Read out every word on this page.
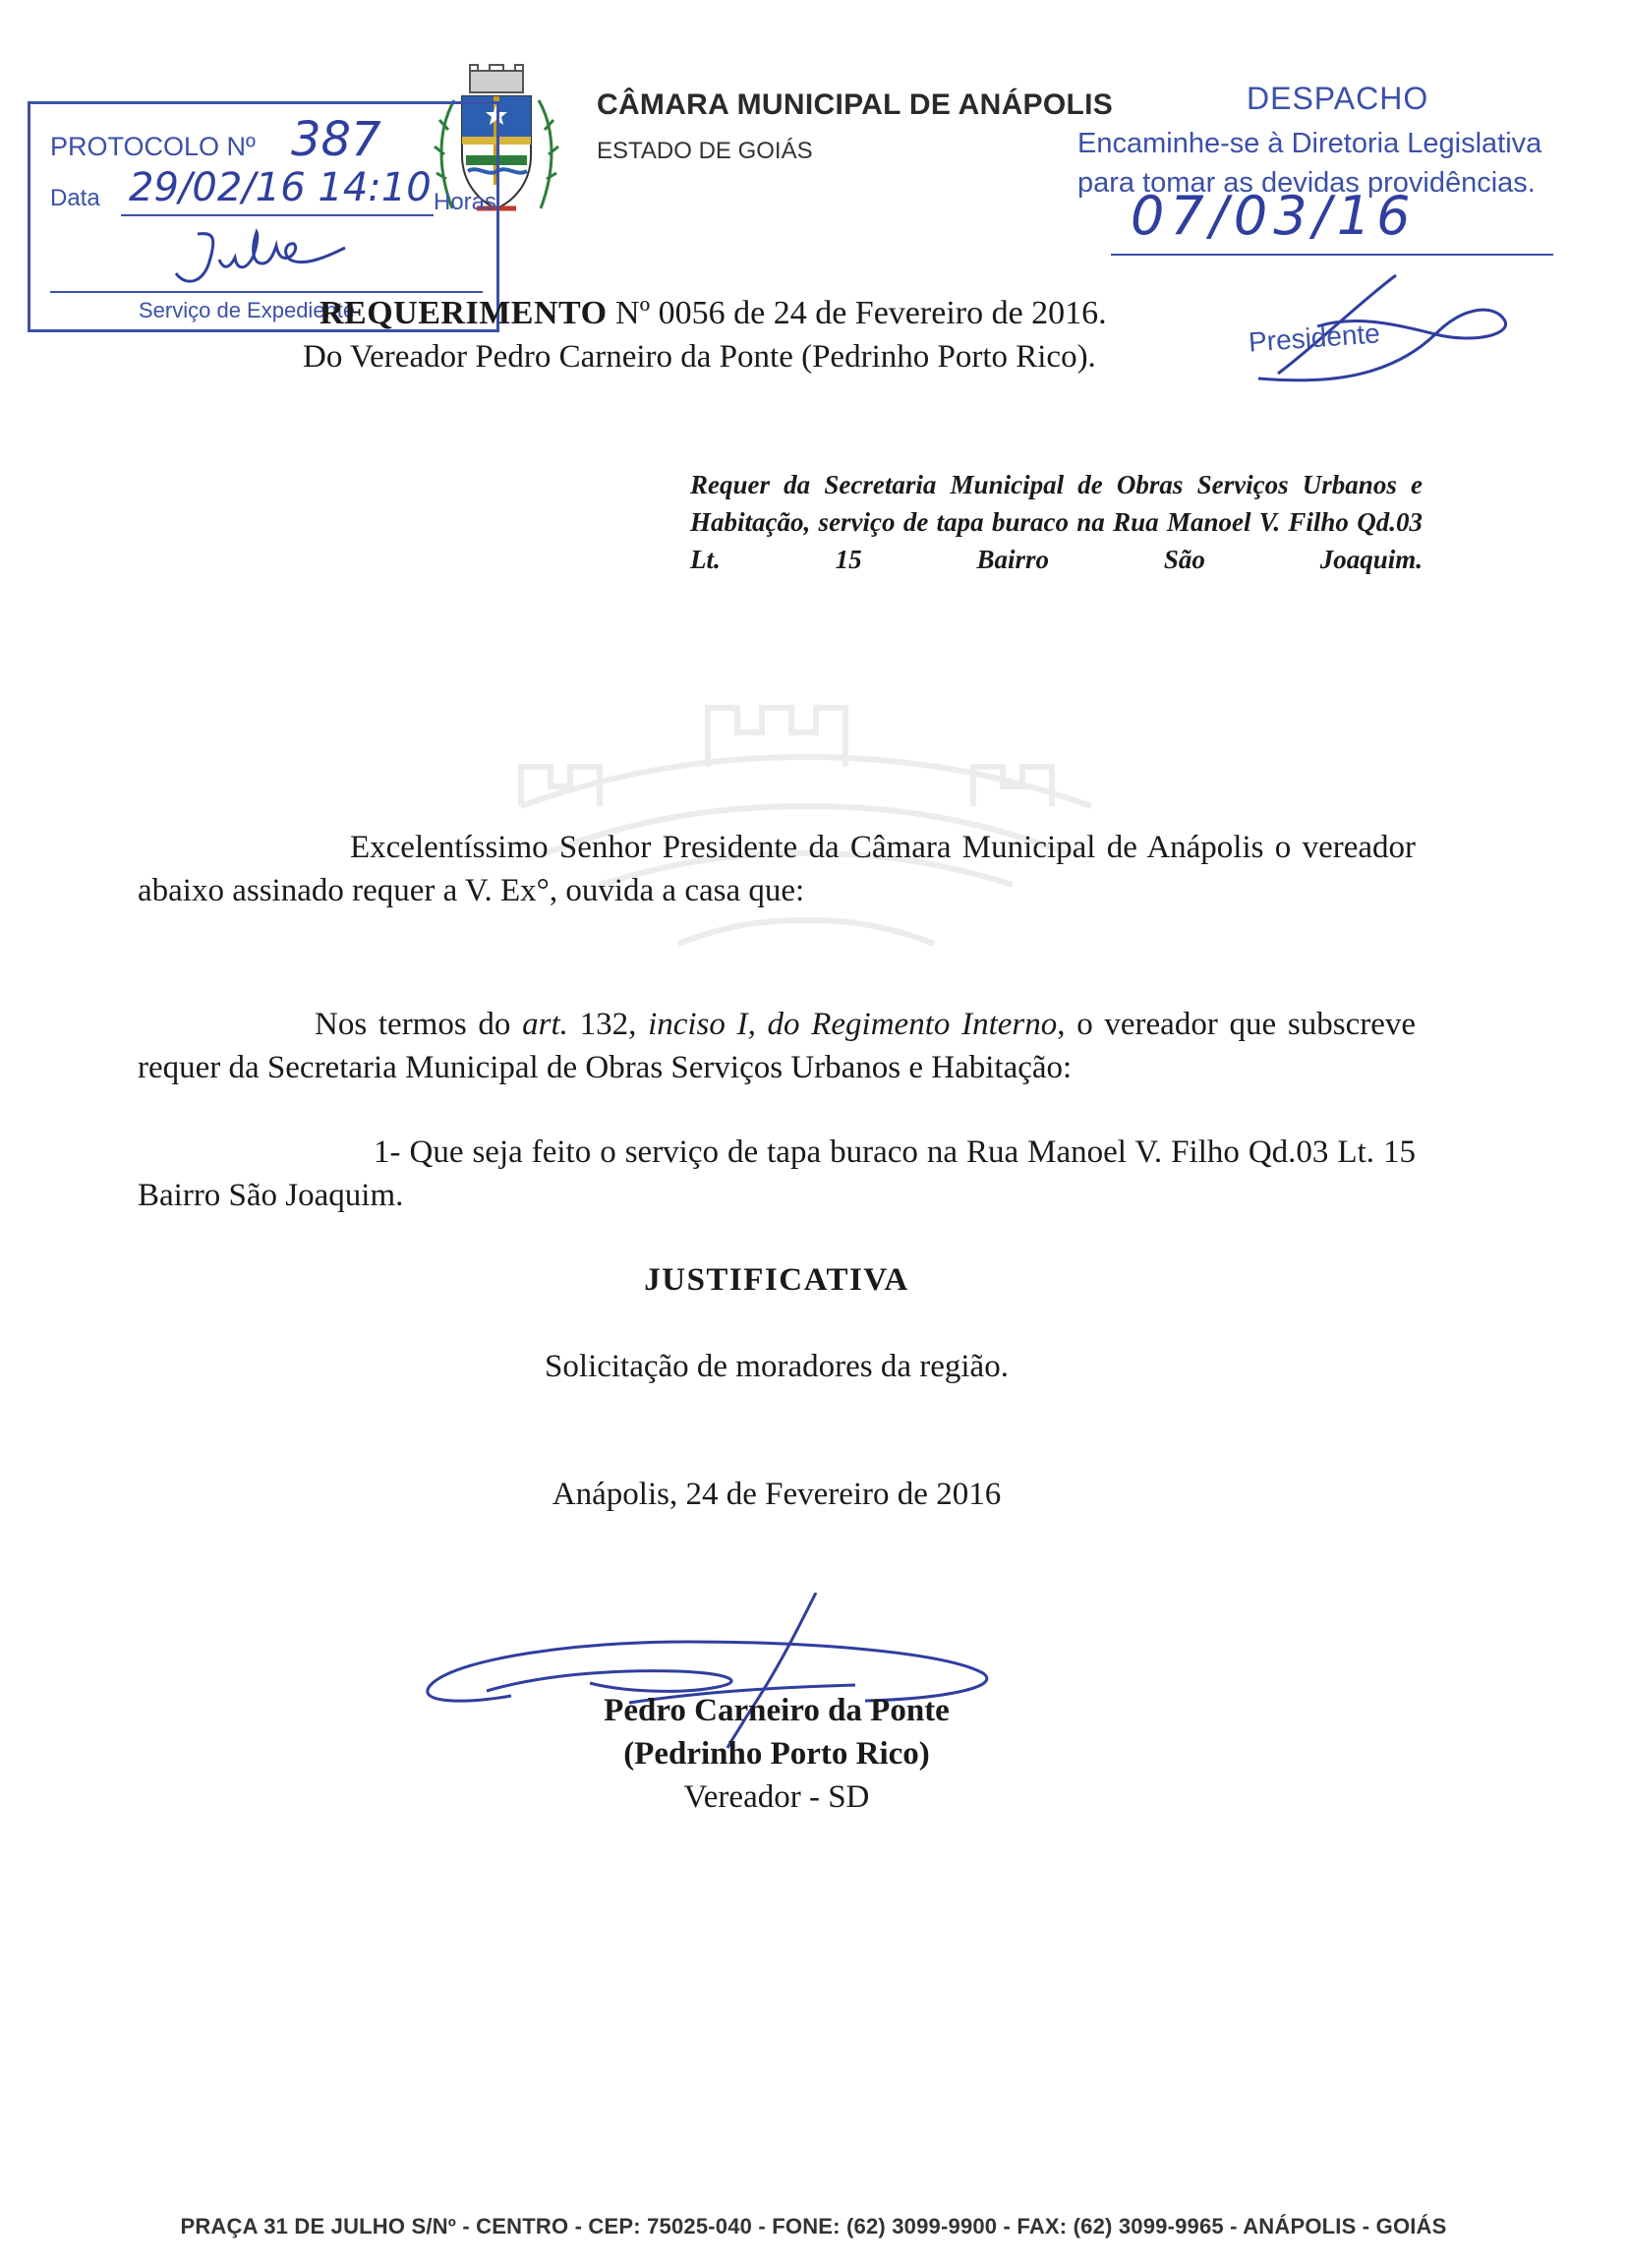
CÂMARA MUNICIPAL DE ANÁPOLIS
ESTADO DE GOIÁS
PROTOCOLO Nº 387
Data 29/02/16 14:10 Horas
Serviço de Expediente
DESPACHO
Encaminhe-se à Diretoria Legislativa
para tomar as devidas providências.
07/03/16
Presidente
REQUERIMENTO Nº 0056 de 24 de Fevereiro de 2016.
Do Vereador Pedro Carneiro da Ponte (Pedrinho Porto Rico).
Requer da Secretaria Municipal de Obras Serviços Urbanos e Habitação, serviço de tapa buraco na Rua Manoel V. Filho Qd.03 Lt. 15 Bairro São Joaquim.
Excelentíssimo Senhor Presidente da Câmara Municipal de Anápolis o vereador abaixo assinado requer a V. Ex°, ouvida a casa que:
Nos termos do art. 132, inciso I, do Regimento Interno, o vereador que subscreve requer da Secretaria Municipal de Obras Serviços Urbanos e Habitação:
1- Que seja feito o serviço de tapa buraco na Rua Manoel V. Filho Qd.03 Lt. 15 Bairro São Joaquim.
JUSTIFICATIVA
Solicitação de moradores da região.
Anápolis, 24 de Fevereiro de 2016
Pedro Carneiro da Ponte
(Pedrinho Porto Rico)
Vereador - SD
PRAÇA 31 DE JULHO S/Nº - CENTRO - CEP: 75025-040 - FONE: (62) 3099-9900 - FAX: (62) 3099-9965 - ANÁPOLIS - GOIÁS
